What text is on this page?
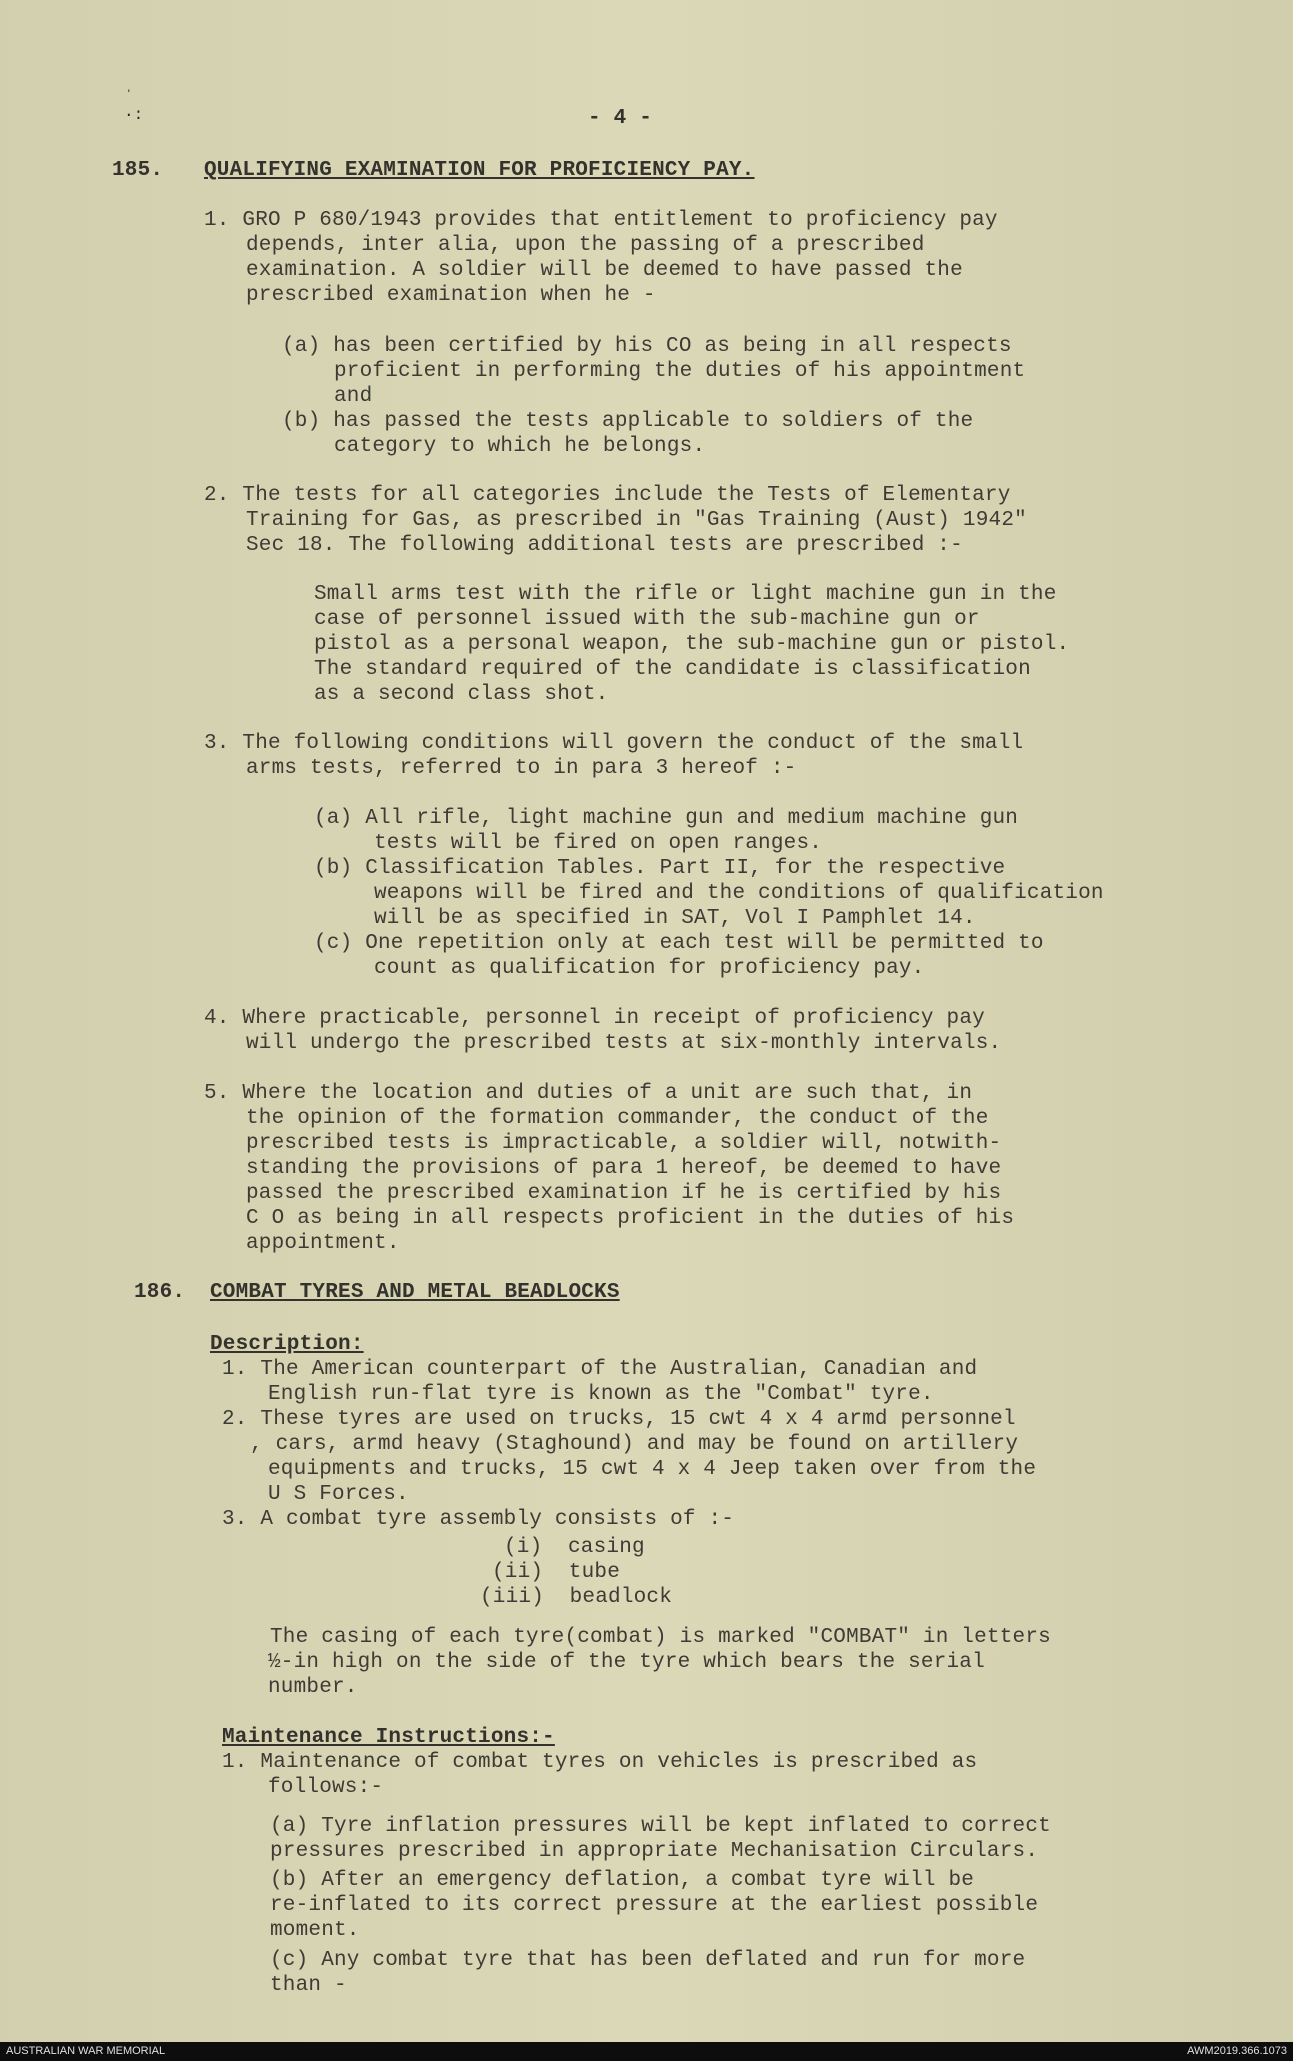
ˈ
·:	- 4 -
185. QUALIFYING EXAMINATION FOR PROFICIENCY PAY.
1. GRO P 680/1943 provides that entitlement to proficiency pay
depends, inter alia, upon the passing of a prescribed
examination. A soldier will be deemed to have passed the
prescribed examination when he -
(a) has been certified by his CO as being in all respects
proficient in performing the duties of his appointment
and
(b) has passed the tests applicable to soldiers of the
category to which he belongs.
2. The tests for all categories include the Tests of Elementary
Training for Gas, as prescribed in "Gas Training (Aust) 1942"
Sec 18. The following additional tests are prescribed :-
Small arms test with the rifle or light machine gun in the
case of personnel issued with the sub-machine gun or
pistol as a personal weapon, the sub-machine gun or pistol.
The standard required of the candidate is classification
as a second class shot.
3. The following conditions will govern the conduct of the small
arms tests, referred to in para 3 hereof :-
(a) All rifle, light machine gun and medium machine gun
tests will be fired on open ranges.
(b) Classification Tables. Part II, for the respective
weapons will be fired and the conditions of qualification
will be as specified in SAT, Vol I Pamphlet 14.
(c) One repetition only at each test will be permitted to
count as qualification for proficiency pay.
4. Where practicable, personnel in receipt of proficiency pay
will undergo the prescribed tests at six-monthly intervals.
5. Where the location and duties of a unit are such that, in
the opinion of the formation commander, the conduct of the
prescribed tests is impracticable, a soldier will, notwith-
standing the provisions of para 1 hereof, be deemed to have
passed the prescribed examination if he is certified by his
C O as being in all respects proficient in the duties of his
appointment.
186. COMBAT TYRES AND METAL BEADLOCKS
Description:
1. The American counterpart of the Australian, Canadian and
English run-flat tyre is known as the "Combat" tyre.
2. These tyres are used on trucks, 15 cwt 4 x 4 armd personnel
, cars, armd heavy (Staghound) and may be found on artillery
equipments and trucks, 15 cwt 4 x 4 Jeep taken over from the
U S Forces.
3. A combat tyre assembly consists of :-
(i)  casing
(ii)  tube
(iii)  beadlock
The casing of each tyre(combat) is marked "COMBAT" in letters
½-in high on the side of the tyre which bears the serial
number.
Maintenance Instructions:-
1. Maintenance of combat tyres on vehicles is prescribed as
follows:-
(a) Tyre inflation pressures will be kept inflated to correct
pressures prescribed in appropriate Mechanisation Circulars.
(b) After an emergency deflation, a combat tyre will be
re-inflated to its correct pressure at the earliest possible
moment.
(c) Any combat tyre that has been deflated and run for more
than -
AUSTRALIAN WAR MEMORIAL	AWM2019.366.1073
